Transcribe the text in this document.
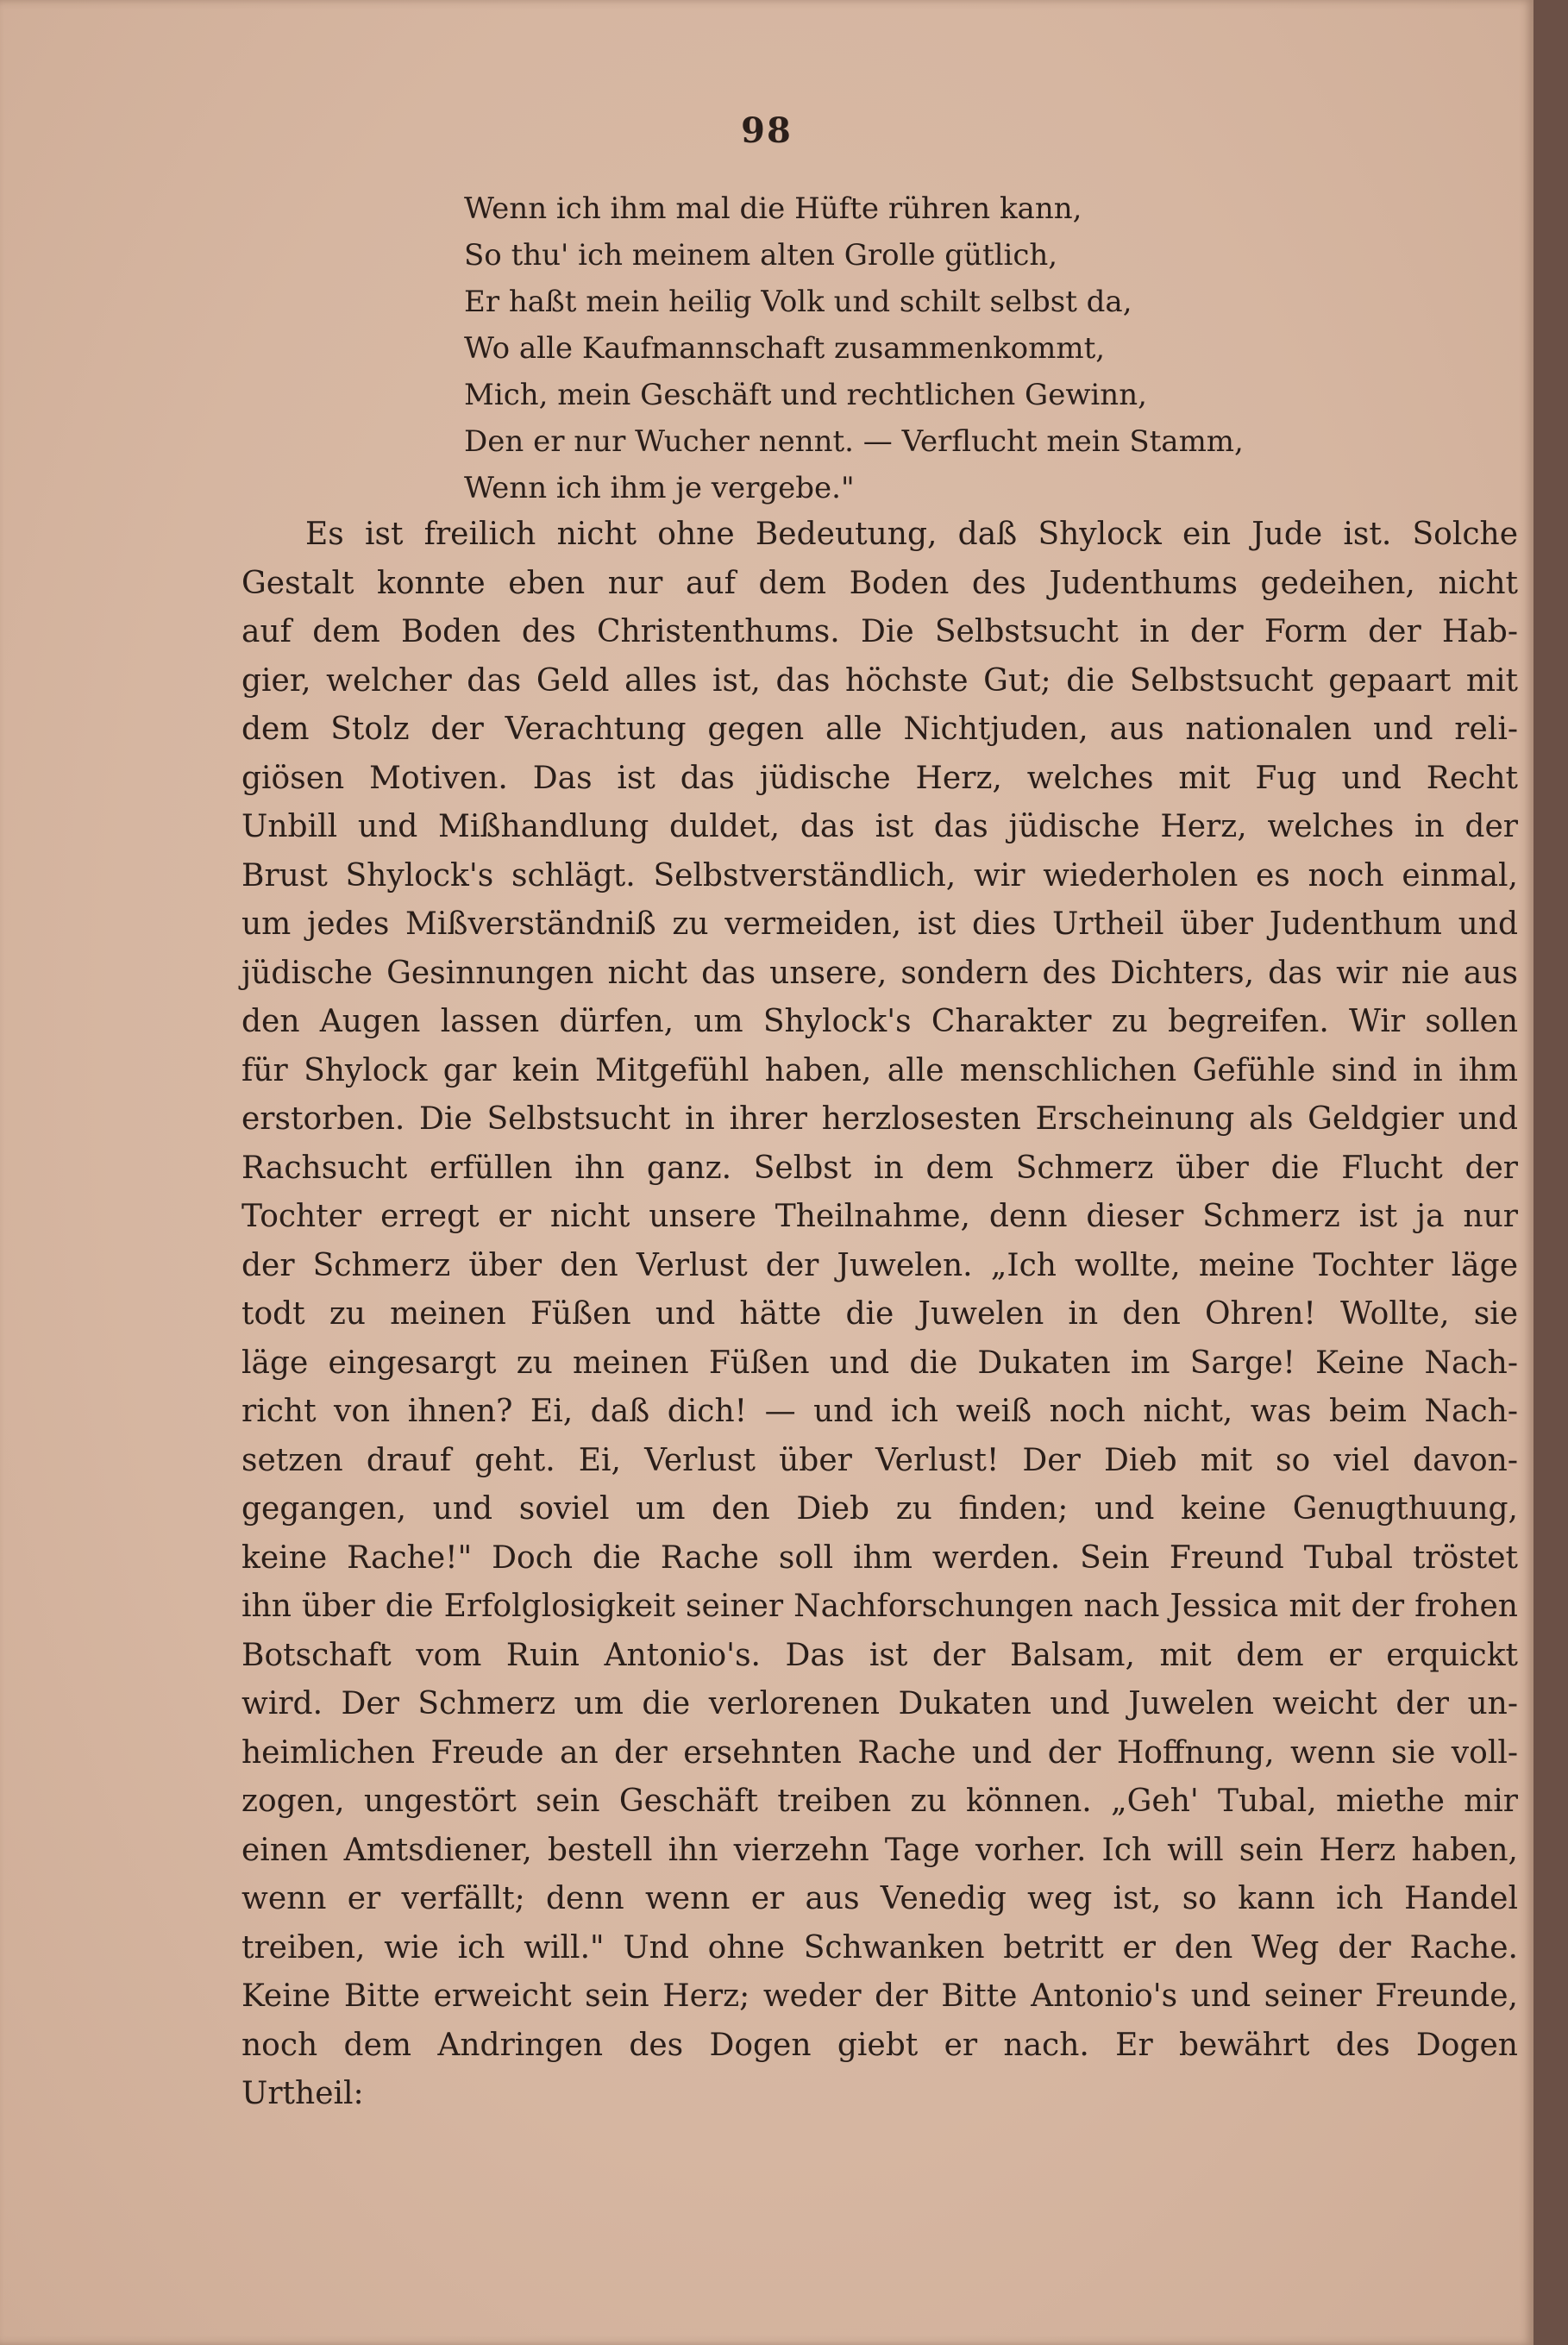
98
Wenn ich ihm mal die Hüfte rühren kann,
So thu' ich meinem alten Grolle gütlich,
Er haßt mein heilig Volk und schilt selbst da,
Wo alle Kaufmannschaft zusammenkommt,
Mich, mein Geschäft und rechtlichen Gewinn,
Den er nur Wucher nennt. — Verflucht mein Stamm,
Wenn ich ihm je vergebe."
Es ist freilich nicht ohne Bedeutung, daß Shylock ein Jude ist. Solche
Gestalt konnte eben nur auf dem Boden des Judenthums gedeihen, nicht
auf dem Boden des Christenthums. Die Selbstsucht in der Form der Hab-
gier, welcher das Geld alles ist, das höchste Gut; die Selbstsucht gepaart mit
dem Stolz der Verachtung gegen alle Nichtjuden, aus nationalen und reli-
giösen Motiven. Das ist das jüdische Herz, welches mit Fug und Recht
Unbill und Mißhandlung duldet, das ist das jüdische Herz, welches in der
Brust Shylock's schlägt. Selbstverständlich, wir wiederholen es noch einmal,
um jedes Mißverständniß zu vermeiden, ist dies Urtheil über Judenthum und
jüdische Gesinnungen nicht das unsere, sondern des Dichters, das wir nie aus
den Augen lassen dürfen, um Shylock's Charakter zu begreifen. Wir sollen
für Shylock gar kein Mitgefühl haben, alle menschlichen Gefühle sind in ihm
erstorben. Die Selbstsucht in ihrer herzlosesten Erscheinung als Geldgier und
Rachsucht erfüllen ihn ganz. Selbst in dem Schmerz über die Flucht der
Tochter erregt er nicht unsere Theilnahme, denn dieser Schmerz ist ja nur
der Schmerz über den Verlust der Juwelen. „Ich wollte, meine Tochter läge
todt zu meinen Füßen und hätte die Juwelen in den Ohren! Wollte, sie
läge eingesargt zu meinen Füßen und die Dukaten im Sarge! Keine Nach-
richt von ihnen? Ei, daß dich! — und ich weiß noch nicht, was beim Nach-
setzen drauf geht. Ei, Verlust über Verlust! Der Dieb mit so viel davon-
gegangen, und soviel um den Dieb zu finden; und keine Genugthuung,
keine Rache!" Doch die Rache soll ihm werden. Sein Freund Tubal tröstet
ihn über die Erfolglosigkeit seiner Nachforschungen nach Jessica mit der frohen
Botschaft vom Ruin Antonio's. Das ist der Balsam, mit dem er erquickt
wird. Der Schmerz um die verlorenen Dukaten und Juwelen weicht der un-
heimlichen Freude an der ersehnten Rache und der Hoffnung, wenn sie voll-
zogen, ungestört sein Geschäft treiben zu können. „Geh' Tubal, miethe mir
einen Amtsdiener, bestell ihn vierzehn Tage vorher. Ich will sein Herz haben,
wenn er verfällt; denn wenn er aus Venedig weg ist, so kann ich Handel
treiben, wie ich will." Und ohne Schwanken betritt er den Weg der Rache.
Keine Bitte erweicht sein Herz; weder der Bitte Antonio's und seiner Freunde,
noch dem Andringen des Dogen giebt er nach. Er bewährt des Dogen
Urtheil:
